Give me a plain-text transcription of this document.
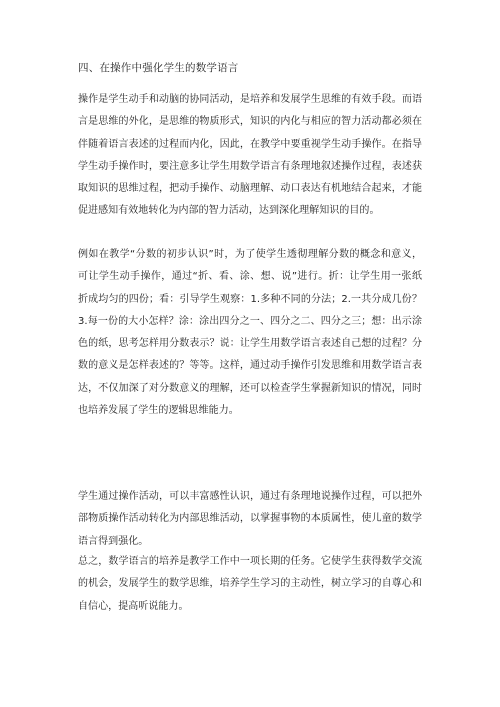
四、在操作中强化学生的数学语言
操作是学生动手和动脑的协同活动，是培养和发展学生思维的有效手段。而语
言是思维的外化，是思维的物质形式，知识的内化与相应的智力活动都必须在
伴随着语言表述的过程而内化，因此，在教学中要重视学生动手操作。在指导
学生动手操作时，要注意多让学生用数学语言有条理地叙述操作过程，表述获
取知识的思维过程，把动手操作、动脑理解、动口表达有机地结合起来，才能
促进感知有效地转化为内部的智力活动，达到深化理解知识的目的。
例如在教学“分数的初步认识”时，为了使学生透彻理解分数的概念和意义，
可让学生动手操作，通过“折、看、涂、想、说”进行。折：让学生用一张纸
折成均匀的四份；看：引导学生观察：1.多种不同的分法；2.一共分成几份？
3.每一份的大小怎样？涂：涂出四分之一、四分之二、四分之三；想：出示涂
色的纸，思考怎样用分数表示？说：让学生用数学语言表述自己想的过程？分
数的意义是怎样表述的？等等。这样，通过动手操作引发思维和用数学语言表
达，不仅加深了对分数意义的理解，还可以检查学生掌握新知识的情况，同时
也培养发展了学生的逻辑思维能力。
学生通过操作活动，可以丰富感性认识，通过有条理地说操作过程，可以把外
部物质操作活动转化为内部思维活动，以掌握事物的本质属性，使儿童的数学
语言得到强化。
总之，数学语言的培养是教学工作中一项长期的任务。它使学生获得数学交流
的机会，发展学生的数学思维，培养学生学习的主动性，树立学习的自尊心和
自信心，提高听说能力。
